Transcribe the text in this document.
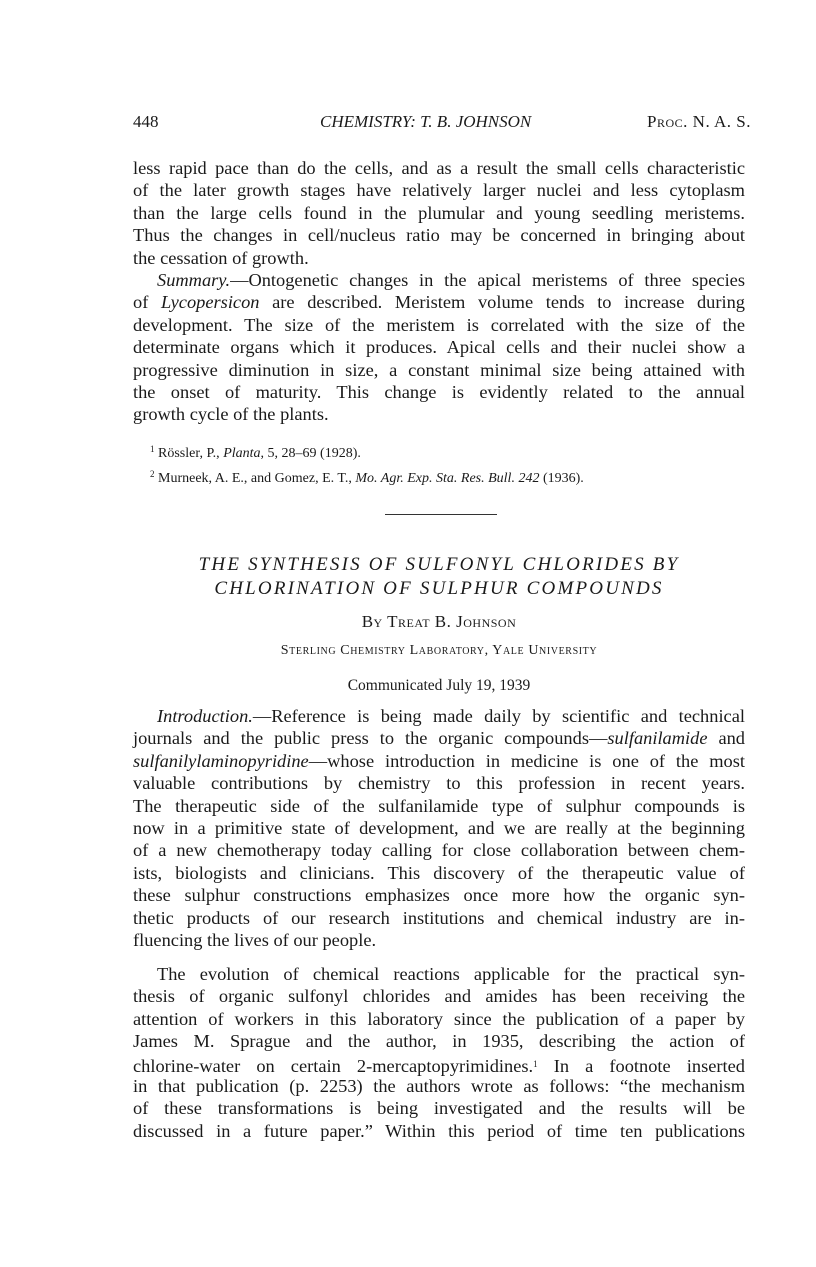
448	CHEMISTRY: T. B. JOHNSON	Proc. N. A. S.
less rapid pace than do the cells, and as a result the small cells characteristic
of the later growth stages have relatively larger nuclei and less cytoplasm
than the large cells found in the plumular and young seedling meristems.
Thus the changes in cell/nucleus ratio may be concerned in bringing about
the cessation of growth.
Summary.—Ontogenetic changes in the apical meristems of three species
of Lycopersicon are described. Meristem volume tends to increase during
development. The size of the meristem is correlated with the size of the
determinate organs which it produces. Apical cells and their nuclei show a
progressive diminution in size, a constant minimal size being attained with
the onset of maturity. This change is evidently related to the annual
growth cycle of the plants.
$^1$ Rössler, P., Planta, 5, 28–69 (1928).
$^2$ Murneek, A. E., and Gomez, E. T., Mo. Agr. Exp. Sta. Res. Bull. 242 (1936).
THE SYNTHESIS OF SULFONYL CHLORIDES BY
CHLORINATION OF SULPHUR COMPOUNDS
By Treat B. Johnson
Sterling Chemistry Laboratory, Yale University
Communicated July 19, 1939
Introduction.—Reference is being made daily by scientific and technical
journals and the public press to the organic compounds—sulfanilamide and
sulfanilylaminopyridine—whose introduction in medicine is one of the most
valuable contributions by chemistry to this profession in recent years.
The therapeutic side of the sulfanilamide type of sulphur compounds is
now in a primitive state of development, and we are really at the beginning
of a new chemotherapy today calling for close collaboration between chem-
ists, biologists and clinicians. This discovery of the therapeutic value of
these sulphur constructions emphasizes once more how the organic syn-
thetic products of our research institutions and chemical industry are in-
fluencing the lives of our people.
The evolution of chemical reactions applicable for the practical syn-
thesis of organic sulfonyl chlorides and amides has been receiving the
attention of workers in this laboratory since the publication of a paper by
James M. Sprague and the author, in 1935, describing the action of
chlorine-water on certain 2-mercaptopyrimidines.$^1$ In a footnote inserted
in that publication (p. 2253) the authors wrote as follows: “the mechanism
of these transformations is being investigated and the results will be
discussed in a future paper.” Within this period of time ten publications
